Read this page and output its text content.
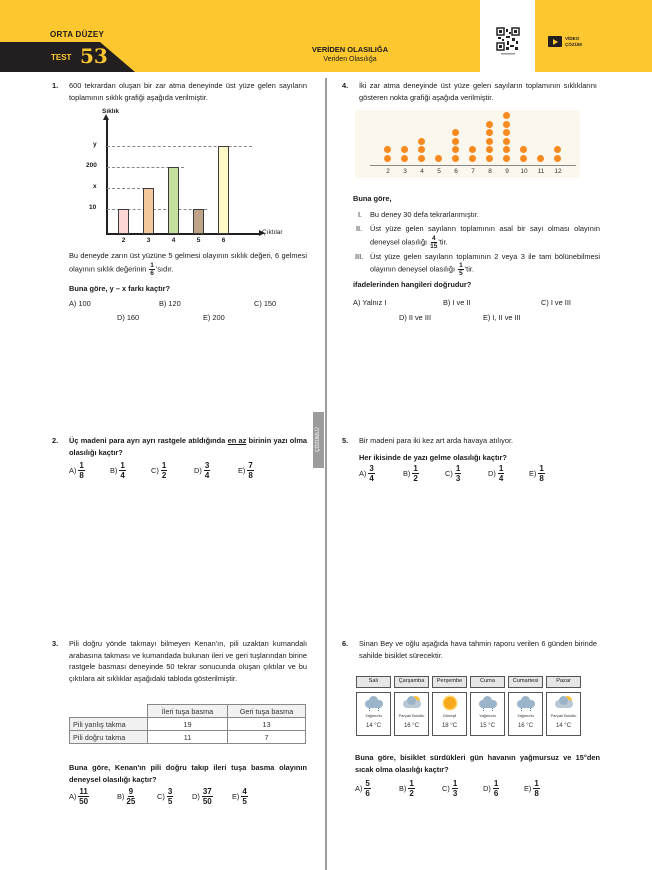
ORTA DÜZEY
TEST 53	VERİDEN OLASILIĞA
Veriden Olasılığa
VİDEO
ÇÖZÜM
ÇÖZÜMLÜ
1. 600 tekrardan oluşan bir zar atma deneyinde üst yüze gelen sayıların toplamının sıklık grafiği aşağıda verilmiştir.
Sıklık
Çıktılar
y
200
x
10
2	3	4	5	6
Bu deneyde zarın üst yüzüne 5 gelmesi olayının sıklık değeri, 6 gelmesi olayının sıklık değerinin $\frac{1}{6}$ 'sıdır.
Buna göre, y – x farkı kaçtır?
A) 100	B) 120	C) 150
D) 160	E) 200
4. İki zar atma deneyinde üst yüze gelen sayıların toplamının sıklıklarını gösteren nokta grafiği aşağıda verilmiştir.
2	3	4	5	6	7	8	9	10	11	12
Buna göre,
I. Bu deney 30 defa tekrarlanmıştır.
II. Üst yüze gelen sayıların toplamının asal bir sayı olması olayının deneysel olasılığı $\frac{4}{15}$ 'tir.
III. Üst yüze gelen sayıların toplamının 2 veya 3 ile tam bölünebilmesi olayının deneysel olasılığı $\frac{1}{5}$ 'tir.
ifadelerinden hangileri doğrudur?
A) Yalnız I	B) I ve II	C) I ve III
D) II ve III	E) I, II ve III
2. Üç madeni para ayrı ayrı rastgele atıldığında en az birinin yazı olma olasılığı kaçtır?
$A) \frac{1}{8}$	$B) \frac{1}{4}$	$C) \frac{1}{2}$	$D) \frac{3}{4}$	$E) \frac{7}{8}$
5. Bir madeni para iki kez art arda havaya atılıyor.
Her ikisinde de yazı gelme olasılığı kaçtır?
$A) \frac{3}{4}$	$B) \frac{1}{2}$	$C) \frac{1}{3}$	$D) \frac{1}{4}$	$E) \frac{1}{8}$
3. Pili doğru yönde takmayı bilmeyen Kenan'ın, pili uzaktan kumandalı arabasına takması ve kumandada bulunan ileri ve geri tuşlarından birine rastgele basması deneyinde 50 tekrar sonucunda oluşan çıktılar ve bu çıktılara ait sıklıklar aşağıdaki tabloda gösterilmiştir.
	İleri tuşa basma	Geri tuşa basma
Pili yanlış takma	19	13
Pili doğru takma	11	7
Buna göre, Kenan'ın pili doğru takıp ileri tuşa basma olayının deneysel olasılığı kaçtır?
$A) \frac{11}{50}$	$B) \frac{9}{25}$	$C) \frac{3}{5}$	$D) \frac{37}{50}$	$E) \frac{4}{5}$
6. Sinan Bey ve oğlu aşağıda hava tahmin raporu verilen 6 günden birinde sahilde bisiklet sürecektir.
Salı
Yağmurlu
14 °C
Çarşamba
Parçalı Bulutlu
16 °C
Perşembe
Güneşli
18 °C
Cuma
Yağmurlu
15 °C
Cumartesi
Yağmurlu
16 °C
Pazar
Parçalı Bulutlu
14 °C
Buna göre, bisiklet sürdükleri gün havanın yağmursuz ve 15°den sıcak olma olasılığı kaçtır?
$A) \frac{5}{6}$	$B) \frac{1}{2}$	$C) \frac{1}{3}$	$D) \frac{1}{6}$	$E) \frac{1}{8}$
